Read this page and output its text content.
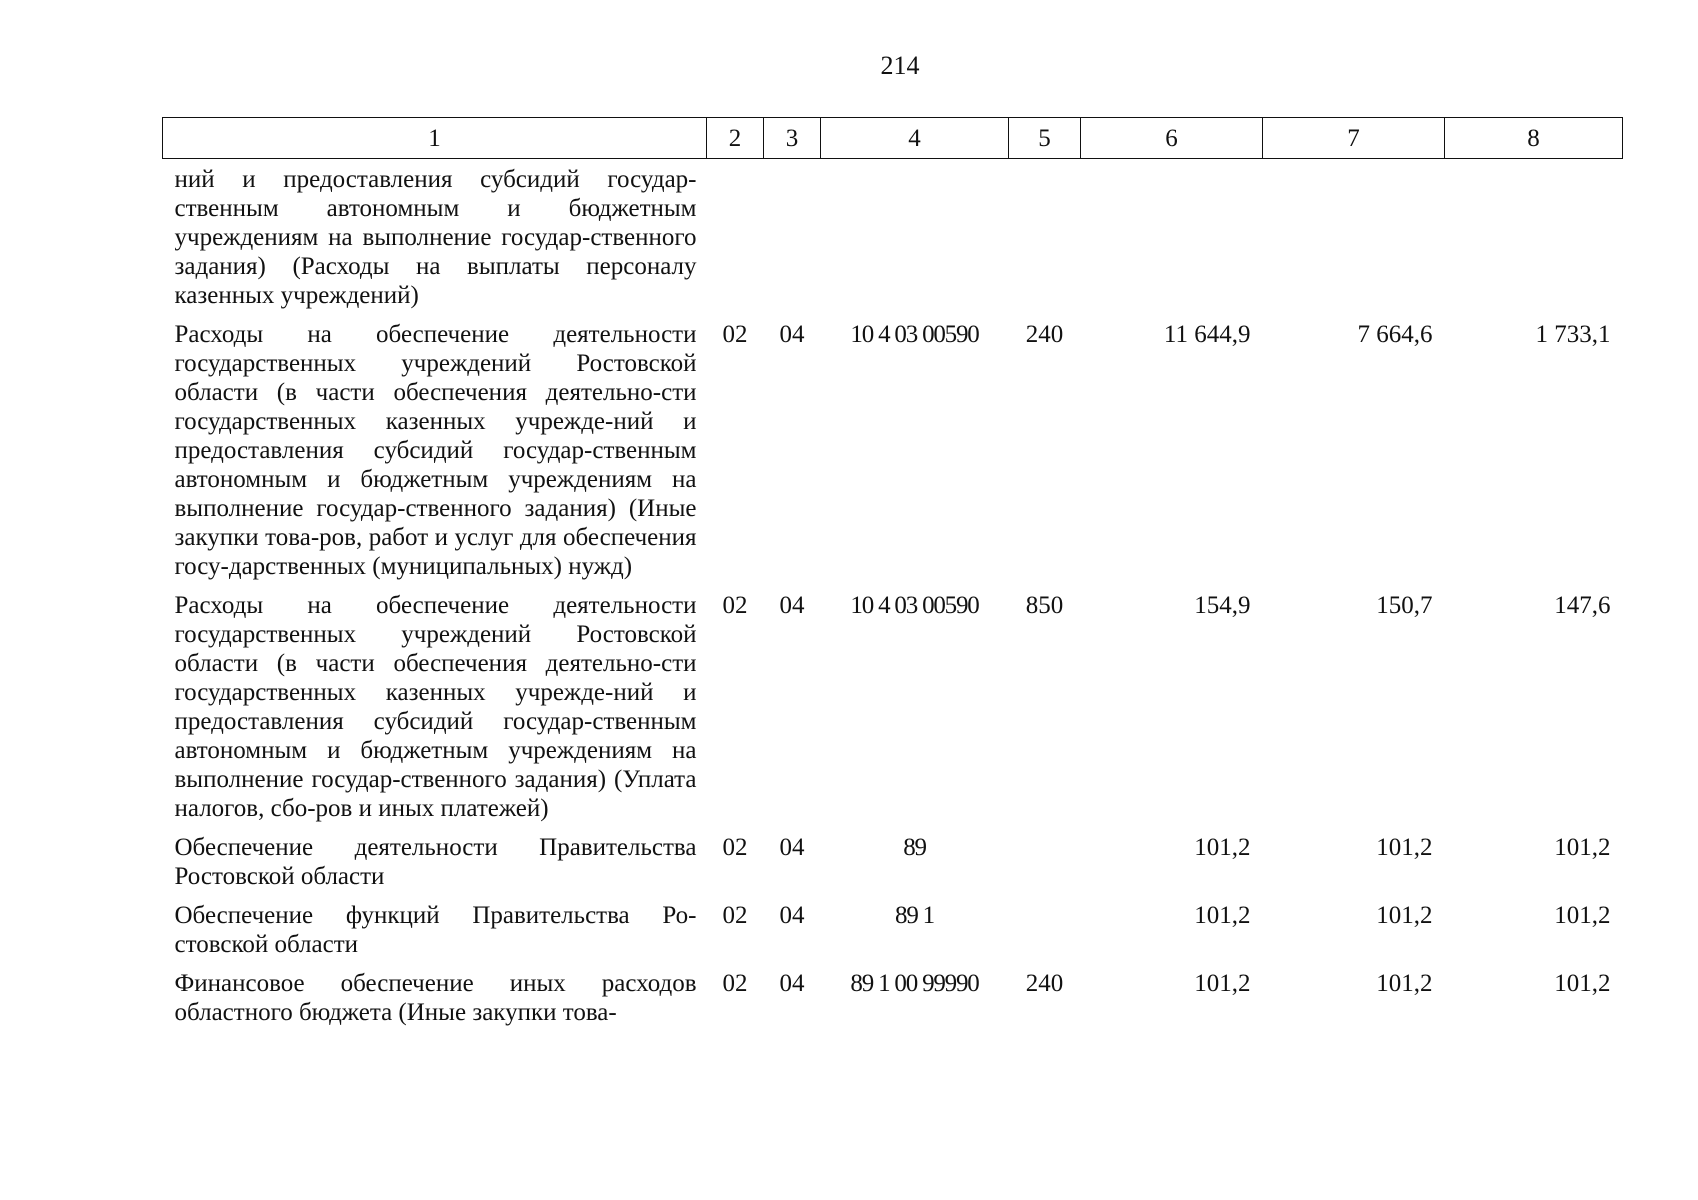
214
1	2	3	4	5	6	7	8
ний и предоставления субсидий государ-ственным автономным и бюджетным учреждениям на выполнение государ-ственного задания) (Расходы на выплаты персоналу казенных учреждений)							
Расходы на обеспечение деятельности государственных учреждений Ростовской области (в части обеспечения деятельно-сти государственных казенных учрежде-ний и предоставления субсидий государ-ственным автономным и бюджетным учреждениям на выполнение государ-ственного задания) (Иные закупки това-ров, работ и услуг для обеспечения госу-дарственных (муниципальных) нужд)	02	04	10 4 03 00590	240	11 644,9	7 664,6	1 733,1
Расходы на обеспечение деятельности государственных учреждений Ростовской области (в части обеспечения деятельно-сти государственных казенных учрежде-ний и предоставления субсидий государ-ственным автономным и бюджетным учреждениям на выполнение государ-ственного задания) (Уплата налогов, сбо-ров и иных платежей)	02	04	10 4 03 00590	850	154,9	150,7	147,6
Обеспечение деятельности Правительства Ростовской области	02	04	89		101,2	101,2	101,2
Обеспечение функций Правительства Ро-стовской области	02	04	89 1		101,2	101,2	101,2
Финансовое обеспечение иных расходов областного бюджета (Иные закупки това-	02	04	89 1 00 99990	240	101,2	101,2	101,2
